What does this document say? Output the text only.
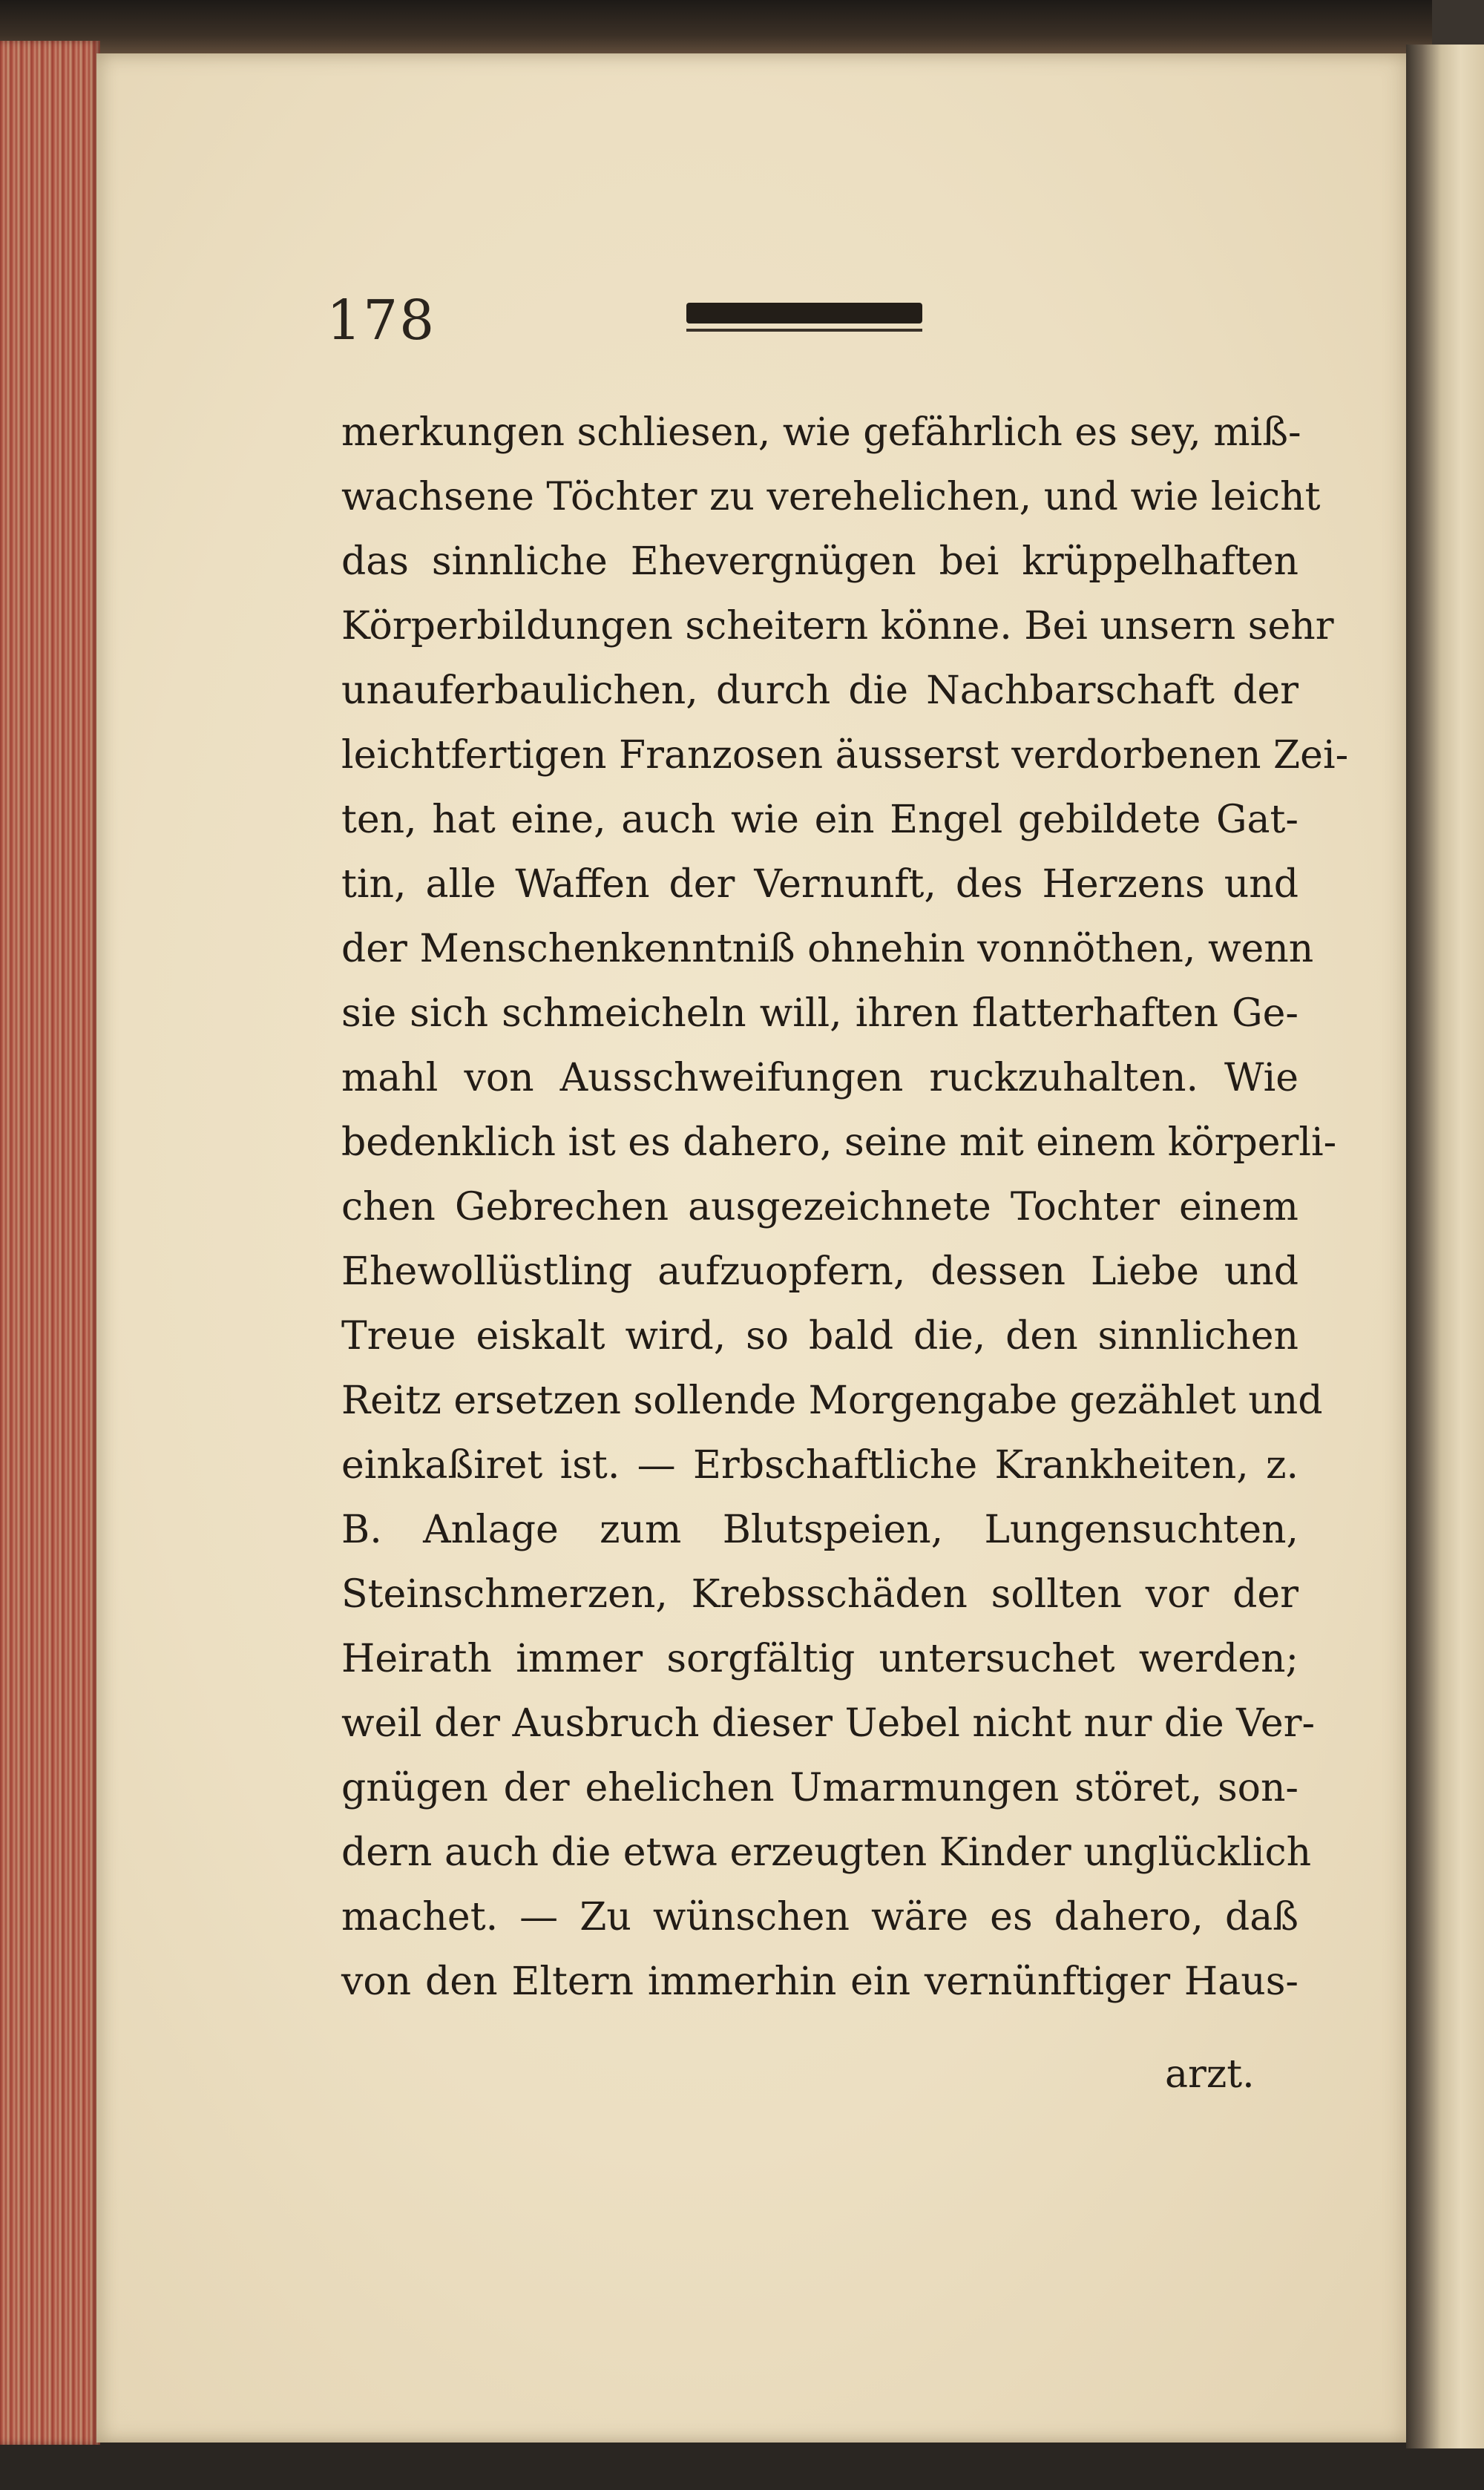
178
merkungen schliesen, wie gefährlich es sey, miß-
wachsene Töchter zu verehelichen, und wie leicht
das sinnliche Ehevergnügen bei krüppelhaften
Körperbildungen scheitern könne. Bei unsern sehr
unauferbaulichen, durch die Nachbarschaft der
leichtfertigen Franzosen äusserst verdorbenen Zei-
ten, hat eine, auch wie ein Engel gebildete Gat-
tin, alle Waffen der Vernunft, des Herzens und
der Menschenkenntniß ohnehin vonnöthen, wenn
sie sich schmeicheln will, ihren flatterhaften Ge-
mahl von Ausschweifungen ruckzuhalten. Wie
bedenklich ist es dahero, seine mit einem körperli-
chen Gebrechen ausgezeichnete Tochter einem
Ehewollüstling aufzuopfern, dessen Liebe und
Treue eiskalt wird, so bald die, den sinnlichen
Reitz ersetzen sollende Morgengabe gezählet und
einkaßiret ist. — Erbschaftliche Krankheiten, z.
B. Anlage zum Blutspeien, Lungensuchten,
Steinschmerzen, Krebsschäden sollten vor der
Heirath immer sorgfältig untersuchet werden;
weil der Ausbruch dieser Uebel nicht nur die Ver-
gnügen der ehelichen Umarmungen störet, son-
dern auch die etwa erzeugten Kinder unglücklich
machet. — Zu wünschen wäre es dahero, daß
von den Eltern immerhin ein vernünftiger Haus-
arzt.
